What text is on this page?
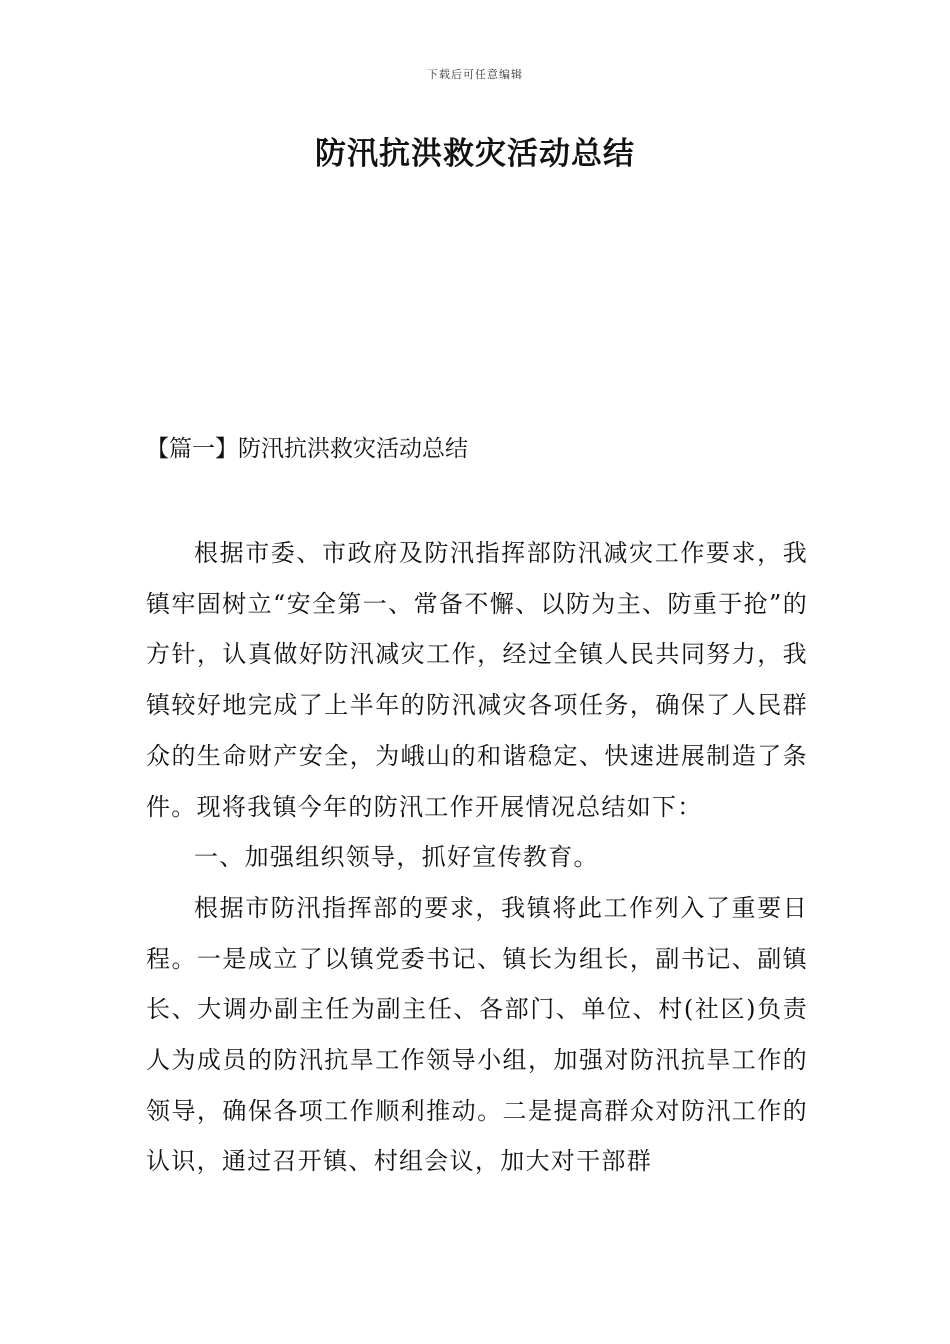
下载后可任意编辑
防汛抗洪救灾活动总结
【篇一】防汛抗洪救灾活动总结

根据市委、市政府及防汛指挥部防汛减灾工作要求，我镇牢固树立“安全第一、常备不懈、以防为主、防重于抢”的方针，认真做好防汛减灾工作，经过全镇人民共同努力，我镇较好地完成了上半年的防汛减灾各项任务，确保了人民群众的生命财产安全，为峨山的和谐稳定、快速进展制造了条件。现将我镇今年的防汛工作开展情况总结如下：

一、加强组织领导，抓好宣传教育。

根据市防汛指挥部的要求，我镇将此工作列入了重要日程。一是成立了以镇党委书记、镇长为组长，副书记、副镇长、大调办副主任为副主任、各部门、单位、村(社区)负责人为成员的防汛抗旱工作领导小组，加强对防汛抗旱工作的领导，确保各项工作顺利推动。二是提高群众对防汛工作的认识，通过召开镇、村组会议，加大对干部群
